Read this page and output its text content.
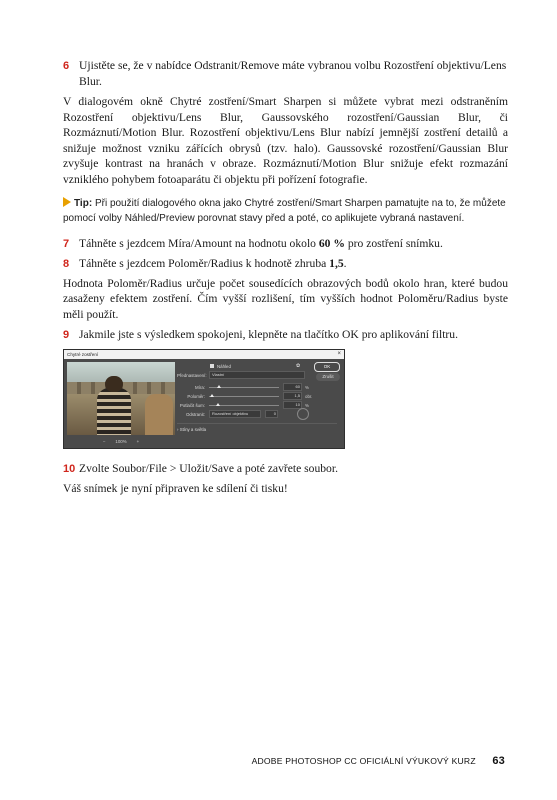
6 Ujistěte se, že v nabídce Odstranit/Remove máte vybranou volbu Rozostření objektivu/Lens Blur.

V dialogovém okně Chytré zostření/Smart Sharpen si můžete vybrat mezi odstraněním Rozostření objektivu/Lens Blur, Gaussovského rozostření/Gaussian Blur, či Rozmáznutí/Motion Blur. Rozostření objektivu/Lens Blur nabízí jemnější zostření detailů a snižuje možnost vzniku zářících obrysů (tzv. halo). Gaussovské rozostření/Gaussian Blur zvyšuje kontrast na hranách v obraze. Rozmáznutí/Motion Blur snižuje efekt rozmazání vzniklého pohybem fotoaparátu či objektu při pořízení fotografie.

Tip: Při použití dialogového okna jako Chytré zostření/Smart Sharpen pamatujte na to, že můžete pomocí volby Náhled/Preview porovnat stavy před a poté, co aplikujete vybraná nastavení.
7 Táhněte s jezdcem Míra/Amount na hodnotu okolo 60 % pro zostření snímku.
8 Táhněte s jezdcem Poloměr/Radius k hodnotě zhruba 1,5.

Hodnota Poloměr/Radius určuje počet sousedících obrazových bodů okolo hran, které budou zasaženy efektem zostření. Čím vyšší rozlišení, tím vyšších hodnot Poloměru/Radius byste měli použít.

9 Jakmile jste s výsledkem spokojeni, klepněte na tlačítko OK pro aplikování filtru.
Chytré zostření	×
− 100% +
Náhled	✿	OK
Zrušit
Přednastavení:	Vlastní
Míra:	60	%
Poloměr:	1,5	obr.
Potlačit šum:	10	%
Odstranit:	Rozostření objektivu	0
› Stíny a světla
10 Zvolte Soubor/File > Uložit/Save a poté zavřete soubor.

Váš snímek je nyní připraven ke sdílení či tisku!

ADOBE PHOTOSHOP CC OFICIÁLNÍ VÝUKOVÝ KURZ 63
